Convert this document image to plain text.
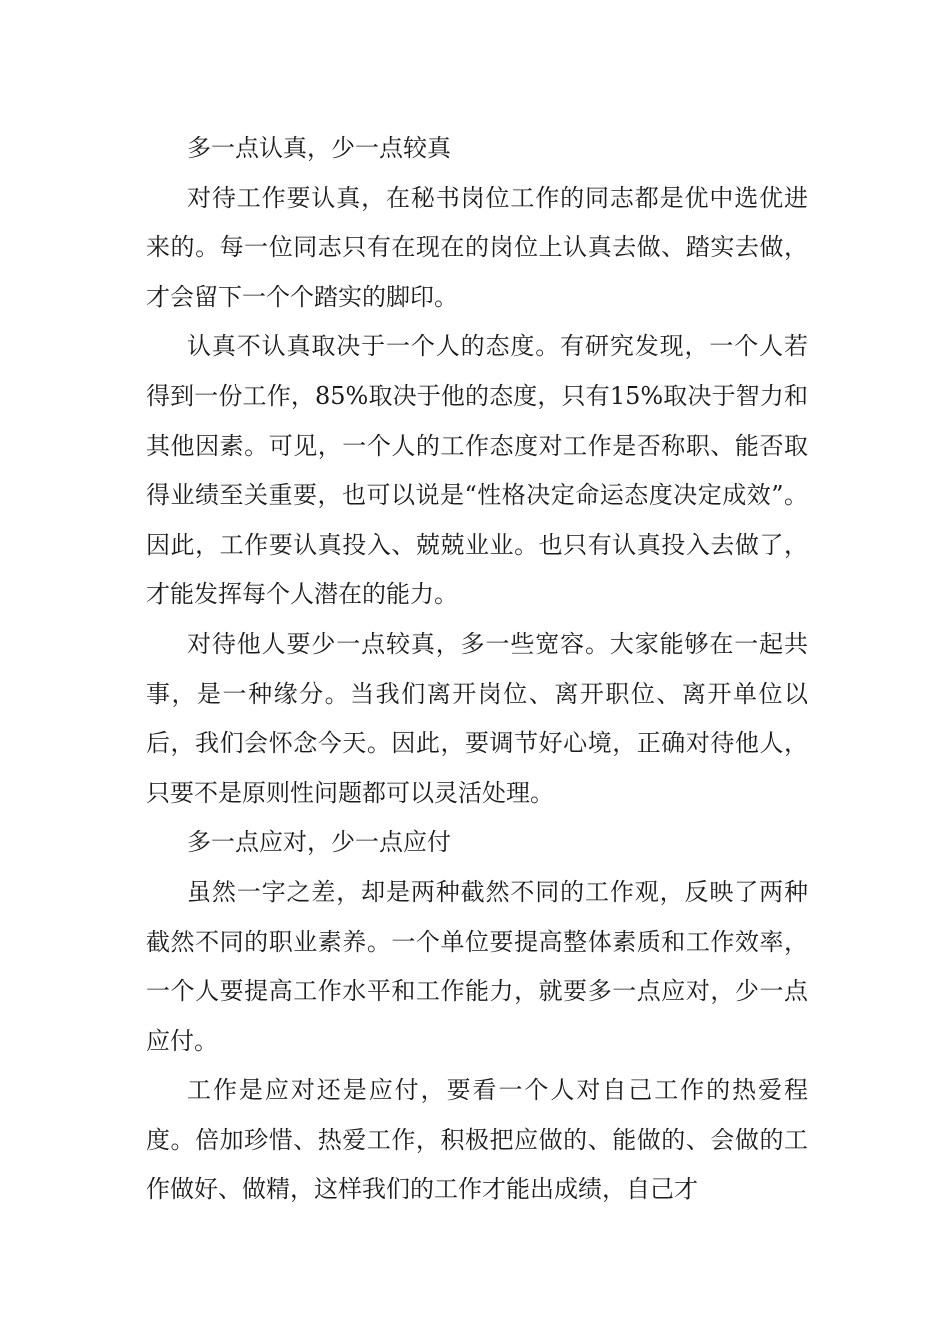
多一点认真，少一点较真

对待工作要认真，在秘书岗位工作的同志都是优中选优进来的。每一位同志只有在现在的岗位上认真去做、踏实去做，才会留下一个个踏实的脚印。

认真不认真取决于一个人的态度。有研究发现，一个人若得到一份工作，85%取决于他的态度，只有15%取决于智力和其他因素。可见，一个人的工作态度对工作是否称职、能否取得业绩至关重要，也可以说是“性格决定命运态度决定成效”。因此，工作要认真投入、兢兢业业。也只有认真投入去做了，才能发挥每个人潜在的能力。

对待他人要少一点较真，多一些宽容。大家能够在一起共事，是一种缘分。当我们离开岗位、离开职位、离开单位以后，我们会怀念今天。因此，要调节好心境，正确对待他人，只要不是原则性问题都可以灵活处理。

多一点应对，少一点应付

虽然一字之差，却是两种截然不同的工作观，反映了两种截然不同的职业素养。一个单位要提高整体素质和工作效率，一个人要提高工作水平和工作能力，就要多一点应对，少一点应付。

工作是应对还是应付，要看一个人对自己工作的热爱程度。倍加珍惜、热爱工作，积极把应做的、能做的、会做的工作做好、做精，这样我们的工作才能出成绩，自己才
